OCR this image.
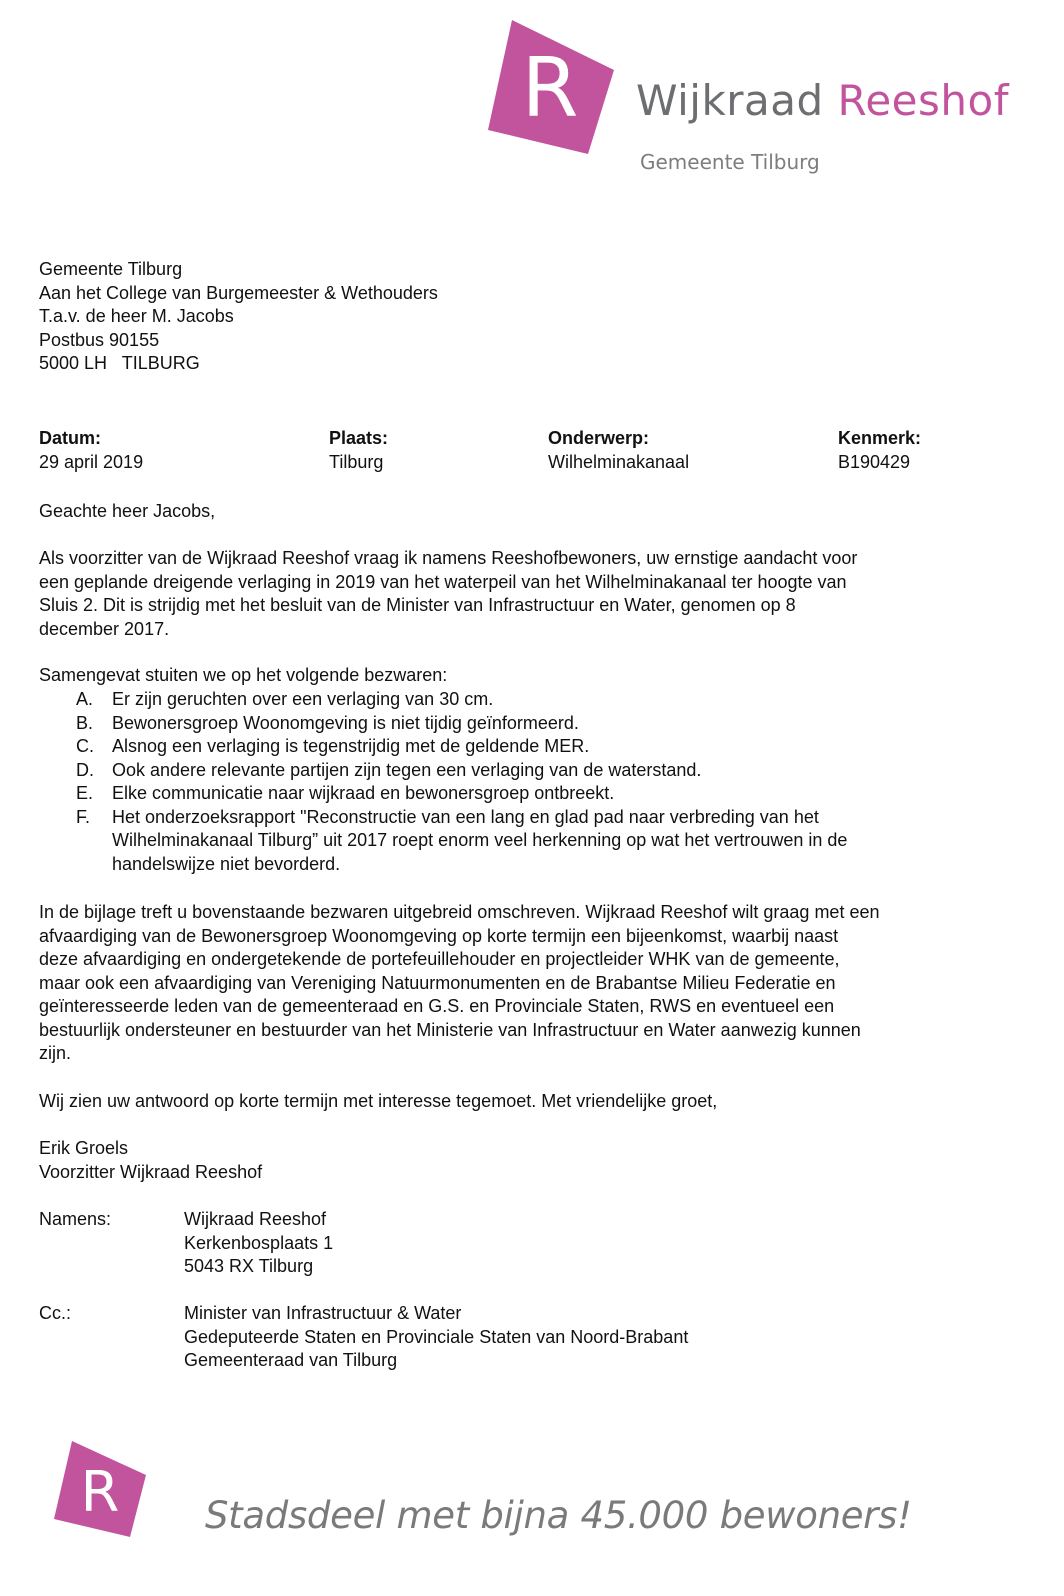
R Wijkraad Reeshof
Gemeente Tilburg
Gemeente Tilburg
Aan het College van Burgemeester & Wethouders
T.a.v. de heer M. Jacobs
Postbus 90155
5000 LH   TILBURG
Datum:
29 april 2019
Plaats:
Tilburg
Onderwerp:
Wilhelminakanaal
Kenmerk:
B190429
Geachte heer Jacobs,
Als voorzitter van de Wijkraad Reeshof vraag ik namens Reeshofbewoners, uw ernstige aandacht voor
een geplande dreigende verlaging in 2019 van het waterpeil van het Wilhelminakanaal ter hoogte van
Sluis 2. Dit is strijdig met het besluit van de Minister van Infrastructuur en Water, genomen op 8
december 2017.
Samengevat stuiten we op het volgende bezwaren:
A.	Er zijn geruchten over een verlaging van 30 cm.
B.	Bewonersgroep Woonomgeving is niet tijdig geïnformeerd.
C.	Alsnog een verlaging is tegenstrijdig met de geldende MER.
D.	Ook andere relevante partijen zijn tegen een verlaging van de waterstand.
E.	Elke communicatie naar wijkraad en bewonersgroep ontbreekt.
F.	Het onderzoeksrapport "Reconstructie van een lang en glad pad naar verbreding van het
Wilhelminakanaal Tilburg” uit 2017 roept enorm veel herkenning op wat het vertrouwen in de
handelswijze niet bevorderd.
In de bijlage treft u bovenstaande bezwaren uitgebreid omschreven. Wijkraad Reeshof wilt graag met een
afvaardiging van de Bewonersgroep Woonomgeving op korte termijn een bijeenkomst, waarbij naast
deze afvaardiging en ondergetekende de portefeuillehouder en projectleider WHK van de gemeente,
maar ook een afvaardiging van Vereniging Natuurmonumenten en de Brabantse Milieu Federatie en
geïnteresseerde leden van de gemeenteraad en G.S. en Provinciale Staten, RWS en eventueel een
bestuurlijk ondersteuner en bestuurder van het Ministerie van Infrastructuur en Water aanwezig kunnen
zijn.
Wij zien uw antwoord op korte termijn met interesse tegemoet. Met vriendelijke groet,
Erik Groels
Voorzitter Wijkraad Reeshof
Namens:	Wijkraad Reeshof
Kerkenbosplaats 1
5043 RX Tilburg
Cc.:	Minister van Infrastructuur & Water
Gedeputeerde Staten en Provinciale Staten van Noord-Brabant
Gemeenteraad van Tilburg
R Stadsdeel met bijna 45.000 bewoners!
